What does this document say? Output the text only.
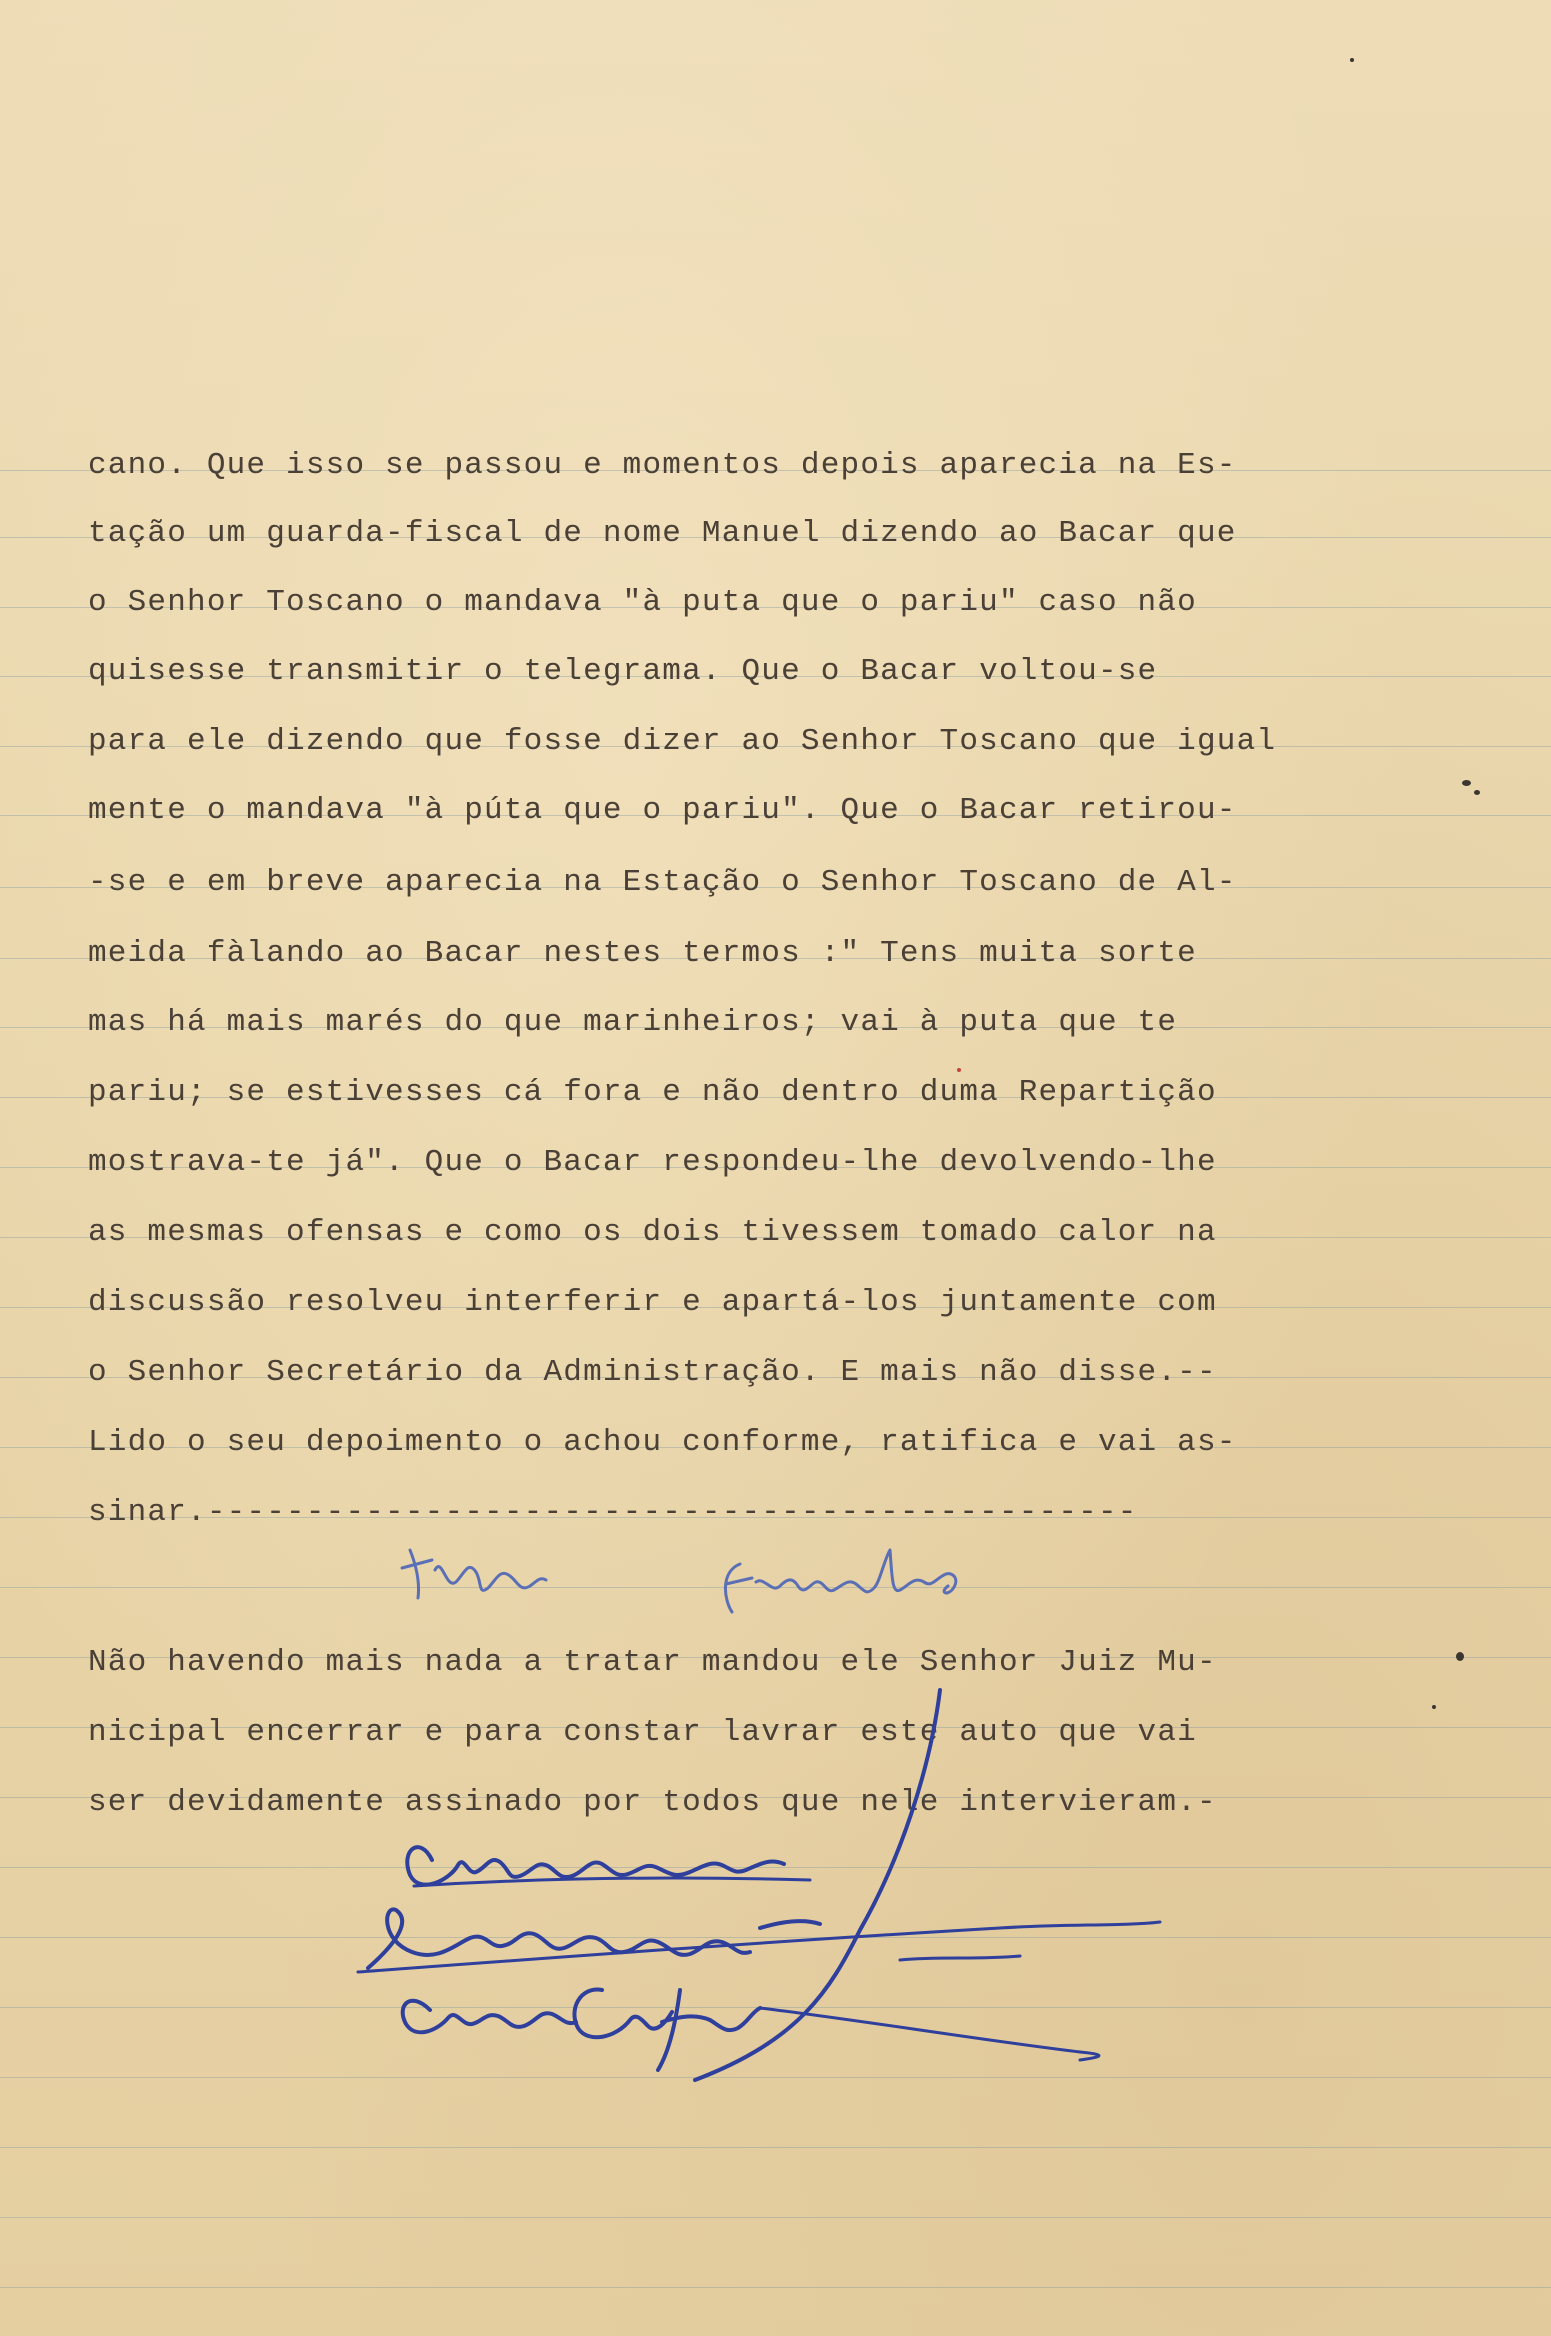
cano. Que isso se passou e momentos depois aparecia na Es-

tação um guarda-fiscal de nome Manuel dizendo ao Bacar que

o Senhor Toscano o mandava "à puta que o pariu" caso não

quisesse transmitir o telegrama. Que o Bacar voltou-se

para ele dizendo que fosse dizer ao Senhor Toscano que igual

mente o mandava "à púta que o pariu". Que o Bacar retirou-

-se e em breve aparecia na Estação o Senhor Toscano de Al-

meida fàlando ao Bacar nestes termos :" Tens muita sorte

mas há mais marés do que marinheiros; vai à puta que te

pariu; se estivesses cá fora e não dentro duma Repartição

mostrava-te já". Que o Bacar respondeu-lhe devolvendo-lhe

as mesmas ofensas e como os dois tivessem tomado calor na

discussão resolveu interferir e apartá-los juntamente com

o Senhor Secretário da Administração. E mais não disse.--

Lido o seu depoimento o achou conforme, ratifica e vai as-

sinar.-----------------------------------------------

Não havendo mais nada a tratar mandou ele Senhor Juiz Mu-

nicipal encerrar e para constar lavrar este auto que vai

ser devidamente assinado por todos que nele intervieram.-
